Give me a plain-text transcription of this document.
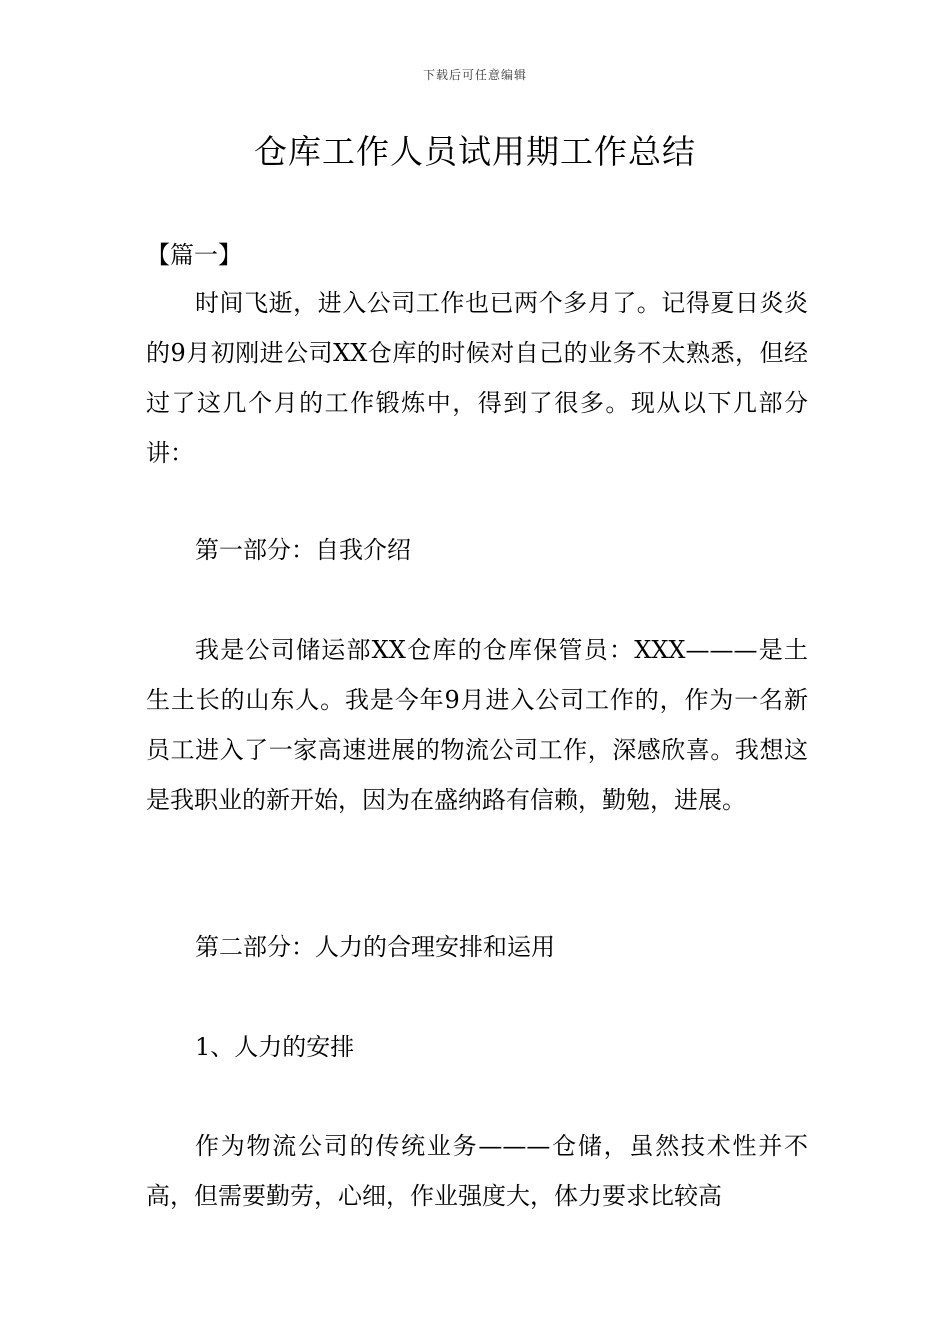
下载后可任意编辑
仓库工作人员试用期工作总结

【篇一】

时间飞逝，进入公司工作也已两个多月了。记得夏日炎炎的9月初刚进公司XX仓库的时候对自己的业务不太熟悉，但经过了这几个月的工作锻炼中，得到了很多。现从以下几部分讲：

第一部分：自我介绍

我是公司储运部XX仓库的仓库保管员：XXX———是土生土长的山东人。我是今年9月进入公司工作的，作为一名新员工进入了一家高速进展的物流公司工作，深感欣喜。我想这是我职业的新开始，因为在盛纳路有信赖，勤勉，进展。

第二部分：人力的合理安排和运用

1、人力的安排

作为物流公司的传统业务———仓储，虽然技术性并不高，但需要勤劳，心细，作业强度大，体力要求比较高
